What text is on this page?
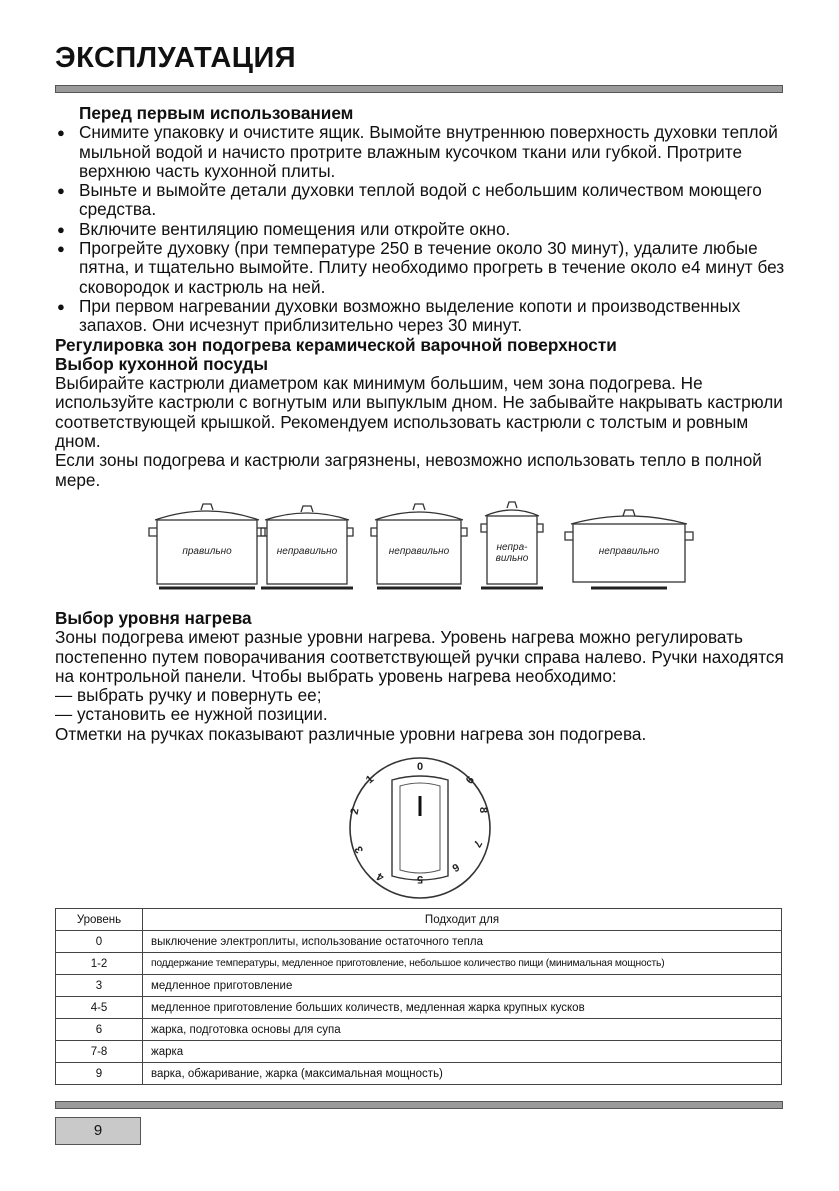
ЭКСПЛУАТАЦИЯ

Перед первым использованием

● Снимите упаковку и очистите ящик. Вымойте внутреннюю поверхность духовки теплой мыльной водой и начисто протрите влажным кусочком ткани или губкой. Протрите верхнюю часть кухонной плиты.
● Выньте и вымойте детали духовки теплой водой с небольшим количеством моющего средства.
● Включите вентиляцию помещения или откройте окно.
● Прогрейте духовку (при температуре 250 в течение около 30 минут), удалите любые пятна, и тщательно вымойте. Плиту необходимо прогреть в течение около е4 минут без сковородок и кастрюль на ней.
● При первом нагревании духовки возможно выделение копоти и производственных запахов. Они исчезнут приблизительно через 30 минут.

Регулировка зон подогрева керамической варочной поверхности

Выбор кухонной посуды

Выбирайте кастрюли диаметром как минимум большим, чем зона подогрева. Не используйте кастрюли с вогнутым или выпуклым дном. Не забывайте накрывать кастрюли соответствующей крышкой. Рекомендуем использовать кастрюли с толстым и ровным дном.

Если зоны подогрева и кастрюли загрязнены, невозможно использовать тепло в полной мере.

правильно	неправильно	неправильно	непра-
вильно
неправильно

Выбор уровня нагрева

Зоны подогрева имеют разные уровни нагрева. Уровень нагрева можно регулировать постепенно путем поворачивания соответствующей ручки справа налево. Ручки находятся на контрольной панели. Чтобы выбрать уровень нагрева необходимо:

— выбрать ручку и повернуть ее;

— установить ее нужной позиции.

Отметки на ручках показывают различные уровни нагрева зон подогрева.

0
1
2
3
4	5
6
7
8
9
Уровень	Подходит для
0	выключение электроплиты, использование остаточного тепла
1-2	поддержание температуры, медленное приготовление, небольшое количество пищи (минимальная мощность)
3	медленное приготовление
4-5	медленное приготовление больших количеств, медленная жарка крупных кусков
6	жарка, подготовка основы для супа
7-8	жарка
9	варка, обжаривание, жарка (максимальная мощность)
9
